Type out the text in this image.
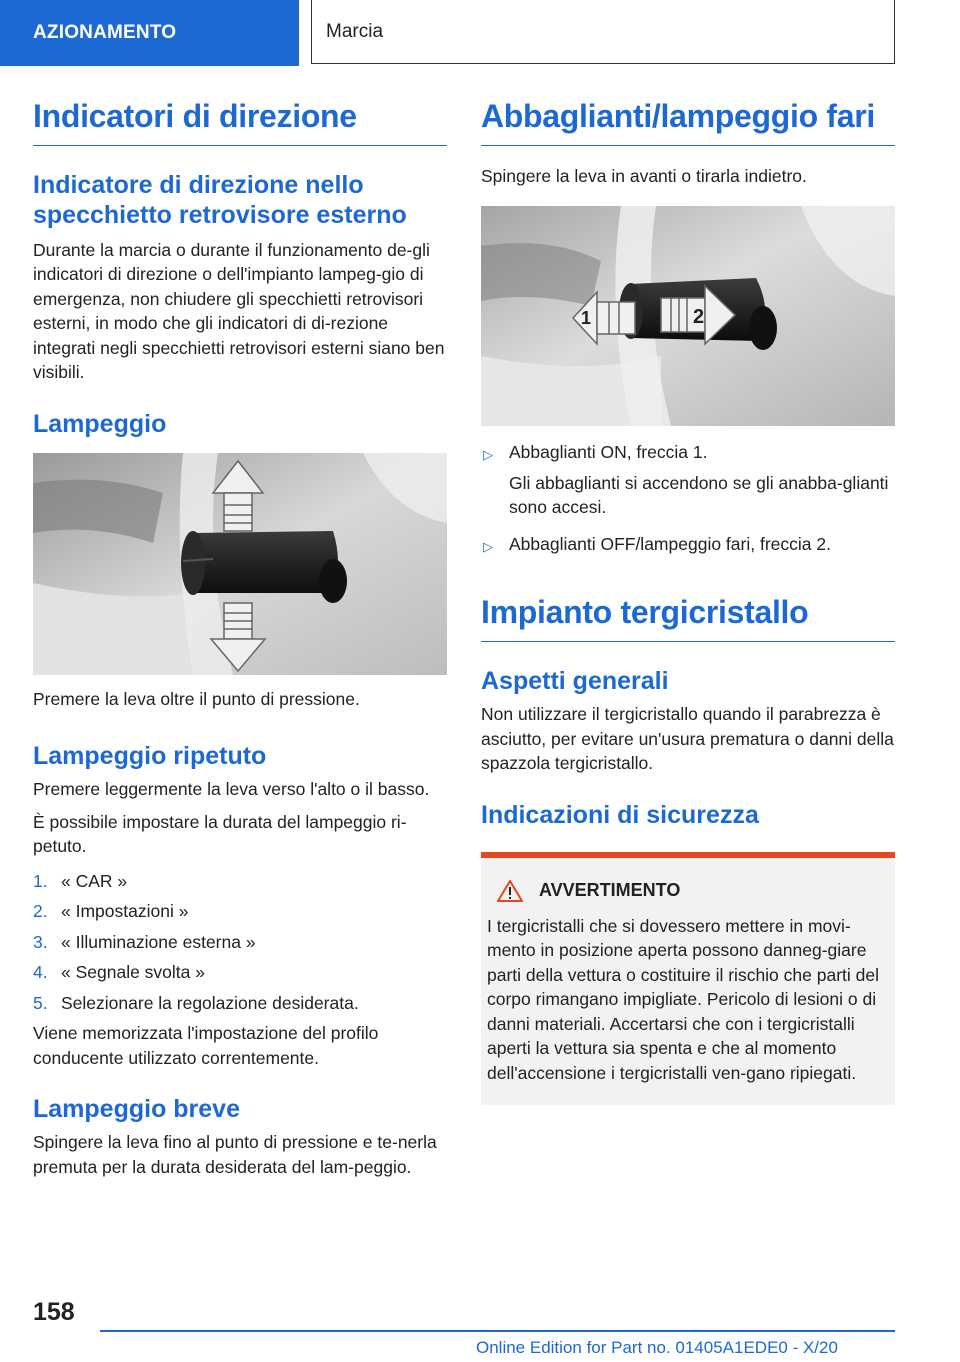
AZIONAMENTO	Marcia
Indicatori di direzione
Indicatore di direzione nello specchietto retrovisore esterno

Durante la marcia o durante il funzionamento de-gli indicatori di direzione o dell'impianto lampeg-gio di emergenza, non chiudere gli specchietti retrovisori esterni, in modo che gli indicatori di di-rezione integrati negli specchietti retrovisori esterni siano ben visibili.

Lampeggio

Premere la leva oltre il punto di pressione.

Lampeggio ripetuto

Premere leggermente la leva verso l'alto o il basso.

È possibile impostare la durata del lampeggio ri-petuto.

1. « CAR »
2. « Impostazioni »
3. « Illuminazione esterna »
4. « Segnale svolta »
5. Selezionare la regolazione desiderata.

Viene memorizzata l'impostazione del profilo conducente utilizzato correntemente.

Lampeggio breve

Spingere la leva fino al punto di pressione e te-nerla premuta per la durata desiderata del lam-peggio.

Abbaglianti/lampeggio fari

Spingere la leva in avanti o tirarla indietro.

1	2
▷ Abbaglianti ON, freccia 1.
Gli abbaglianti si accendono se gli anabba-glianti sono accesi.
▷ Abbaglianti OFF/lampeggio fari, freccia 2.
Impianto tergicristallo
Aspetti generali

Non utilizzare il tergicristallo quando il parabrezza è asciutto, per evitare un'usura prematura o danni della spazzola tergicristallo.

Indicazioni di sicurezza
AVVERTIMENTO

I tergicristalli che si dovessero mettere in movi-mento in posizione aperta possono danneg-giare parti della vettura o costituire il rischio che parti del corpo rimangano impigliate. Pericolo di lesioni o di danni materiali. Accertarsi che con i tergicristalli aperti la vettura sia spenta e che al momento dell'accensione i tergicristalli ven-gano ripiegati.

158
Online Edition for Part no. 01405A1EDE0 - X/20
